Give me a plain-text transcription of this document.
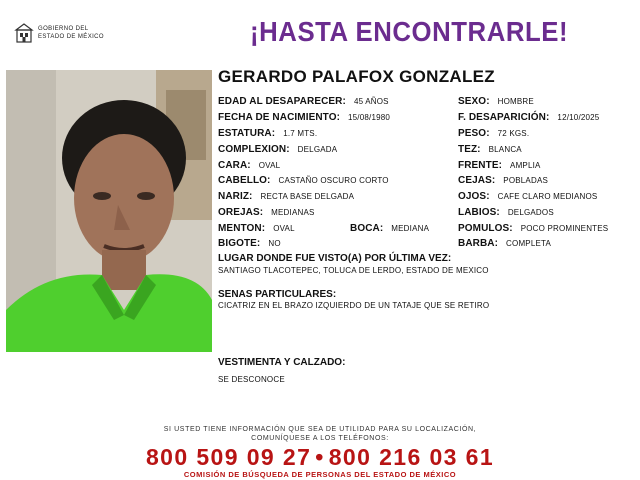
GOBIERNO DEL
ESTADO DE MÉXICO	¡HASTA ENCONTRARLE!
GERARDO PALAFOX GONZALEZ
EDAD AL DESAPARECER: 45 AÑOS
FECHA DE NACIMIENTO: 15/08/1980
ESTATURA: 1.7 MTS.
COMPLEXION: DELGADA
CARA: OVAL
CABELLO: CASTAÑO OSCURO CORTO
NARIZ: RECTA BASE DELGADA
OREJAS: MEDIANAS
MENTON: OVAL	BOCA: MEDIANA
BIGOTE: NO
SEXO: HOMBRE
F. DESAPARICIÓN: 12/10/2025
PESO: 72 KGS.
TEZ: BLANCA
FRENTE: AMPLIA
CEJAS: POBLADAS
OJOS: CAFE CLARO MEDIANOS
LABIOS: DELGADOS
POMULOS: POCO PROMINENTES
BARBA: COMPLETA
LUGAR DONDE FUE VISTO(A) POR ÚLTIMA VEZ:
SANTIAGO TLACOTEPEC, TOLUCA DE LERDO, ESTADO DE MEXICO
SENAS PARTICULARES:
CICATRIZ EN EL BRAZO IZQUIERDO DE UN TATAJE QUE SE RETIRO
VESTIMENTA Y CALZADO:
SE DESCONOCE
SI USTED TIENE INFORMACIÓN QUE SEA DE UTILIDAD PARA SU LOCALIZACIÓN,
COMUNÍQUESE A LOS TELÉFONOS:
800 509 09 27 • 800 216 03 61
COMISIÓN DE BÚSQUEDA DE PERSONAS DEL ESTADO DE MÉXICO
